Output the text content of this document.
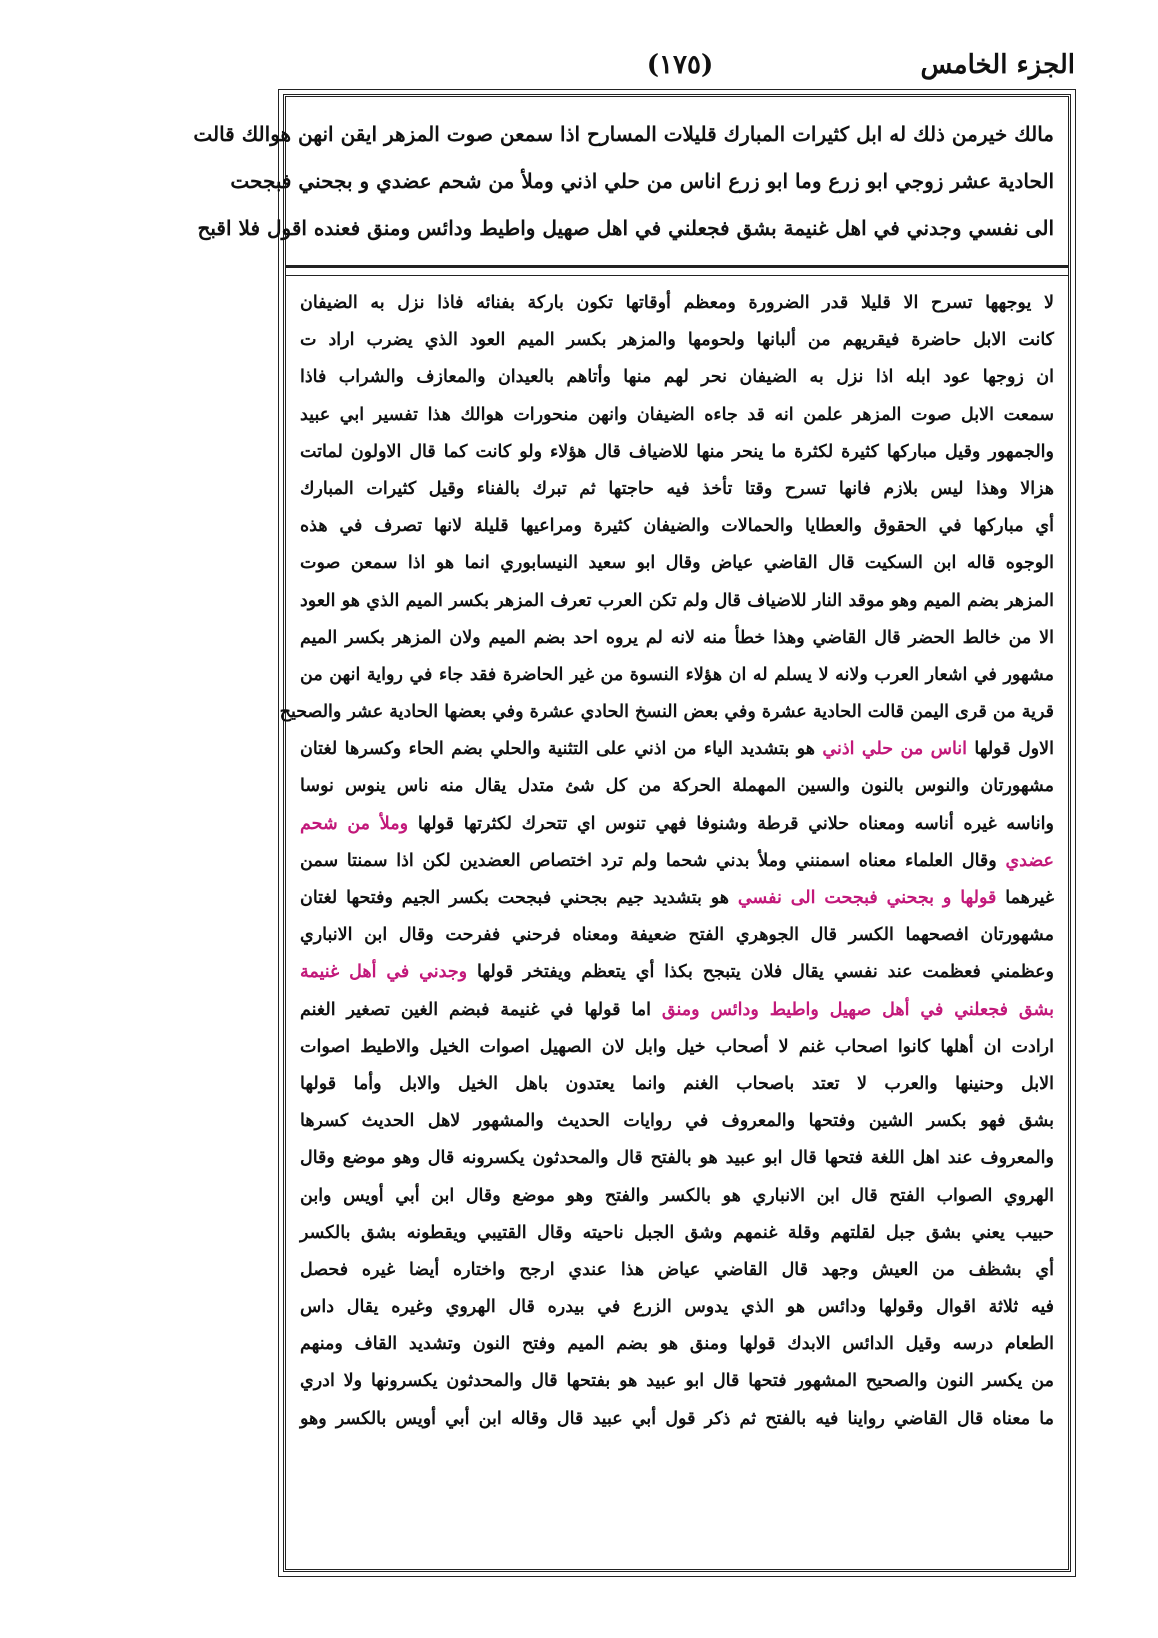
الجزء الخامس
(١٧٥)
مالك خيرمن ذلك له ابل كثيرات المبارك قليلات المسارح اذا سمعن صوت المزهر ايقن انهن هوالك قالت
الحادية عشر زوجي ابو زرع وما ابو زرع اناس من حلي اذني وملأ من شحم عضدي و بجحني فبجحت
الى نفسي وجدني في اهل غنيمة بشق فجعلني في اهل صهيل واطيط ودائس ومنق فعنده اقول فلا اقبح
لا يوجهها تسرح الا قليلا قدر الضرورة ومعظم أوقاتها تكون باركة بفنائه فاذا نزل به الضيفان
كانت الابل حاضرة فيقريهم من ألبانها ولحومها والمزهر بكسر الميم العود الذي يضرب اراد ت
ان زوجها عود ابله اذا نزل به الضيفان نحر لهم منها وأتاهم بالعيدان والمعازف والشراب فاذا
سمعت الابل صوت المزهر علمن انه قد جاءه الضيفان وانهن منحورات هوالك هذا تفسير ابي عبيد
والجمهور وقيل مباركها كثيرة لكثرة ما ينحر منها للاضياف قال هؤلاء ولو كانت كما قال الاولون لماتت
هزالا وهذا ليس بلازم فانها تسرح وقتا تأخذ فيه حاجتها ثم تبرك بالفناء وقيل كثيرات المبارك
أي مباركها في الحقوق والعطايا والحمالات والضيفان كثيرة ومراعيها قليلة لانها تصرف في هذه
الوجوه قاله ابن السكيت قال القاضي عياض وقال ابو سعيد النيسابوري انما هو اذا سمعن صوت
المزهر بضم الميم وهو موقد النار للاضياف قال ولم تكن العرب تعرف المزهر بكسر الميم الذي هو العود
الا من خالط الحضر قال القاضي وهذا خطأ منه لانه لم يروه احد بضم الميم ولان المزهر بكسر الميم
مشهور في اشعار العرب ولانه لا يسلم له ان هؤلاء النسوة من غير الحاضرة فقد جاء في رواية انهن من
قرية من قرى اليمن قالت الحادية عشرة وفي بعض النسخ الحادي عشرة وفي بعضها الحادية عشر والصحيح
الاول قولها اناس من حلي اذني هو بتشديد الياء من اذني على التثنية والحلي بضم الحاء وكسرها لغتان
مشهورتان والنوس بالنون والسين المهملة الحركة من كل شئ متدل يقال منه ناس ينوس نوسا
واناسه غيره أناسه ومعناه حلاني قرطة وشنوفا فهي تنوس اي تتحرك لكثرتها قولها وملأ من شحم
عضدي وقال العلماء معناه اسمنني وملأ بدني شحما ولم ترد اختصاص العضدين لكن اذا سمنتا سمن
غيرهما قولها و بجحني فبجحت الى نفسي هو بتشديد جيم بجحني فبجحت بكسر الجيم وفتحها لغتان
مشهورتان افصحهما الكسر قال الجوهري الفتح ضعيفة ومعناه فرحني ففرحت وقال ابن الانباري
وعظمني فعظمت عند نفسي يقال فلان يتبجح بكذا أي يتعظم ويفتخر قولها وجدني في أهل غنيمة
بشق فجعلني في أهل صهيل واطيط ودائس ومنق اما قولها في غنيمة فبضم الغين تصغير الغنم
ارادت ان أهلها كانوا اصحاب غنم لا أصحاب خيل وابل لان الصهيل اصوات الخيل والاطيط اصوات
الابل وحنينها والعرب لا تعتد باصحاب الغنم وانما يعتدون باهل الخيل والابل وأما قولها
بشق فهو بكسر الشين وفتحها والمعروف في روايات الحديث والمشهور لاهل الحديث كسرها
والمعروف عند اهل اللغة فتحها قال ابو عبيد هو بالفتح قال والمحدثون يكسرونه قال وهو موضع وقال
الهروي الصواب الفتح قال ابن الانباري هو بالكسر والفتح وهو موضع وقال ابن أبي أويس وابن
حبيب يعني بشق جبل لقلتهم وقلة غنمهم وشق الجبل ناحيته وقال القتيبي ويقطونه بشق بالكسر
أي بشظف من العيش وجهد قال القاضي عياض هذا عندي ارجح واختاره أيضا غيره فحصل
فيه ثلاثة اقوال وقولها ودائس هو الذي يدوس الزرع في بيدره قال الهروي وغيره يقال داس
الطعام درسه وقيل الدائس الابدك قولها ومنق هو بضم الميم وفتح النون وتشديد القاف ومنهم
من يكسر النون والصحيح المشهور فتحها قال ابو عبيد هو بفتحها قال والمحدثون يكسرونها ولا ادري
ما معناه قال القاضي رواينا فيه بالفتح ثم ذكر قول أبي عبيد قال وقاله ابن أبي أويس بالكسر وهو
